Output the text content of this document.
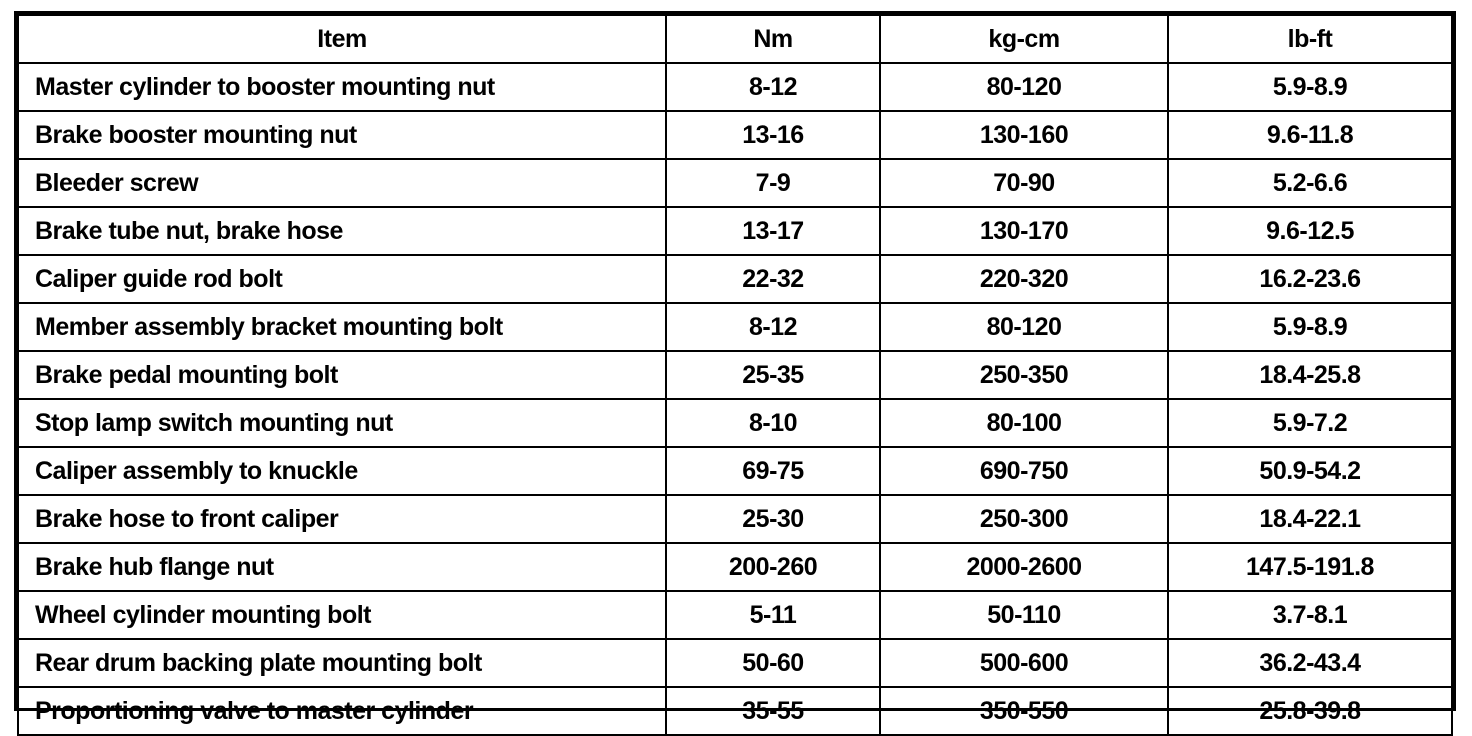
Item	Nm	kg-cm	lb-ft
Master cylinder to booster mounting nut	8-12	80-120	5.9-8.9
Brake booster mounting nut	13-16	130-160	9.6-11.8
Bleeder screw	7-9	70-90	5.2-6.6
Brake tube nut, brake hose	13-17	130-170	9.6-12.5
Caliper guide rod bolt	22-32	220-320	16.2-23.6
Member assembly bracket mounting bolt	8-12	80-120	5.9-8.9
Brake pedal mounting bolt	25-35	250-350	18.4-25.8
Stop lamp switch mounting nut	8-10	80-100	5.9-7.2
Caliper assembly to knuckle	69-75	690-750	50.9-54.2
Brake hose to front caliper	25-30	250-300	18.4-22.1
Brake hub flange nut	200-260	2000-2600	147.5-191.8
Wheel cylinder mounting bolt	5-11	50-110	3.7-8.1
Rear drum backing plate mounting bolt	50-60	500-600	36.2-43.4
Proportioning valve to master cylinder	35-55	350-550	25.8-39.8
